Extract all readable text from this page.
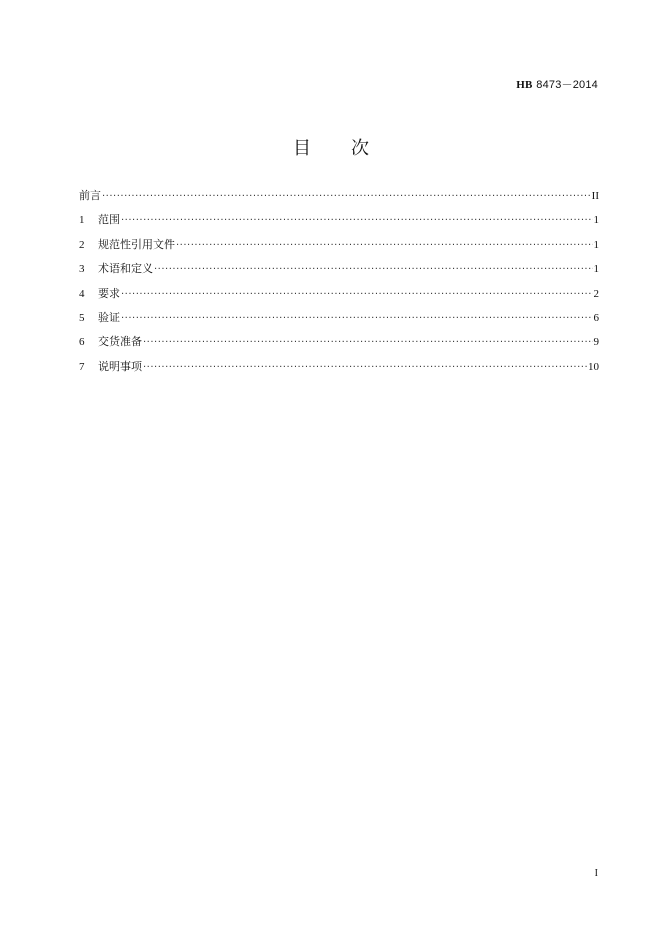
HB 8473－2014
目 次
前言 ·····	II
1	范围 ·····	1
2	规范性引用文件 ·····	1
3	术语和定义 ·····	1
4	要求 ·····	2
5	验证 ·····	6
6	交货准备 ·····	9
7	说明事项 ·····	10
I
